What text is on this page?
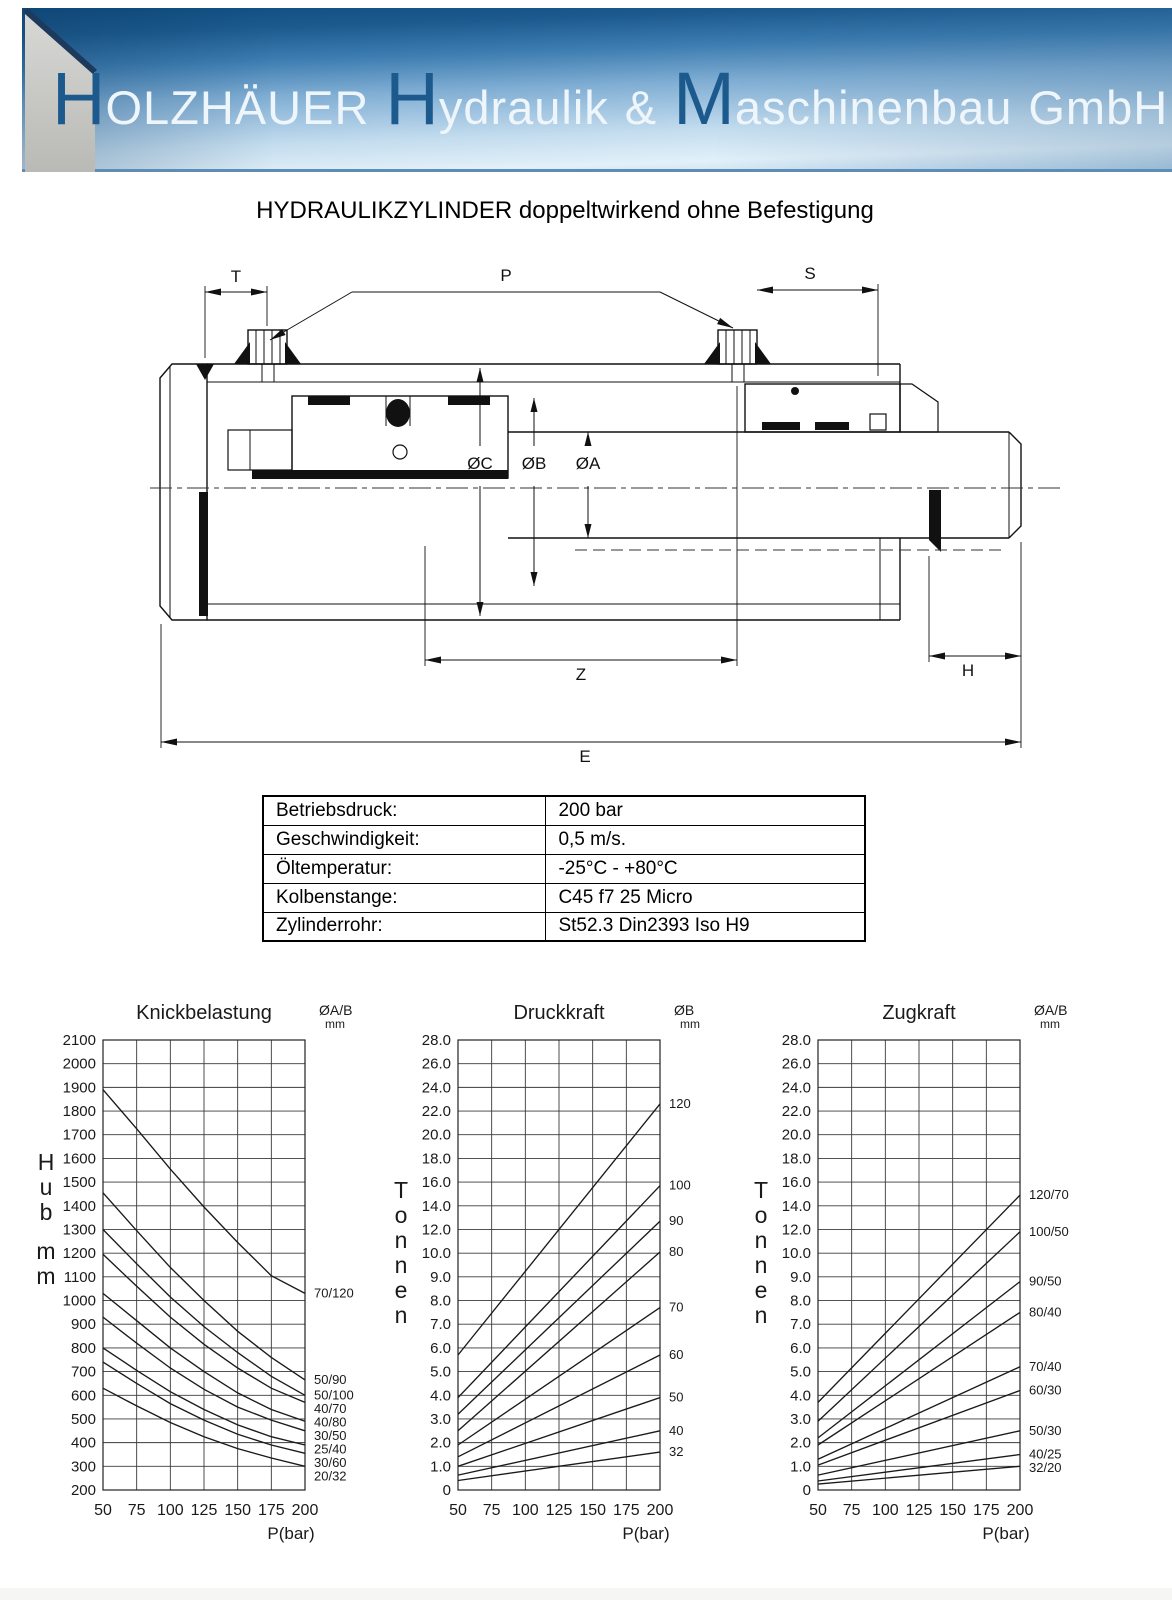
H OLZHÄUER H ydraulik & M aschinenbau GmbH
HYDRAULIKZYLINDER doppeltwirkend ohne Befestigung
T	P	S
ØC ØB ØA
Z	H
E
Betriebsdruck:	200 bar
Geschwindigkeit:	0,5 m/s.
Öltemperatur:	-25°C - +80°C
Kolbenstange:	C45 f7 25 Micro
Zylinderrohr:	St52.3 Din2393 Iso H9
200
300
400
500
600
700
800
900
1000
1100
1200
1300
1400
1500
1600
1700
1800
1900
2000
2100
50 75 100 125 150 175 200
P(bar)
Knickbelastung	ØA/B
mm
H
u
b
m
m
70/120
50/90
50/100
40/70
40/80
30/50
25/40
30/60
20/32
0
1.0
2.0
3.0
4.0
5.0
6.0
7.0
8.0
9.0
10.0
12.0
14.0
16.0
18.0
20.0
22.0
24.0
26.0
28.0
50 75 100 125 150 175 200
P(bar)
Druckkraft	ØB
mm
T
o
n
n
e
n
120
100
90
80
70
60
50
40
32
0
1.0
2.0
3.0
4.0
5.0
6.0
7.0
8.0
9.0
10.0
12.0
14.0
16.0
18.0
20.0
22.0
24.0
26.0
28.0
50 75 100 125 150 175 200
P(bar)
Zugkraft	ØA/B
mm
T
o
n
n
e
n
120/70
100/50
90/50
80/40
70/40
60/30
50/30
40/25
32/20
